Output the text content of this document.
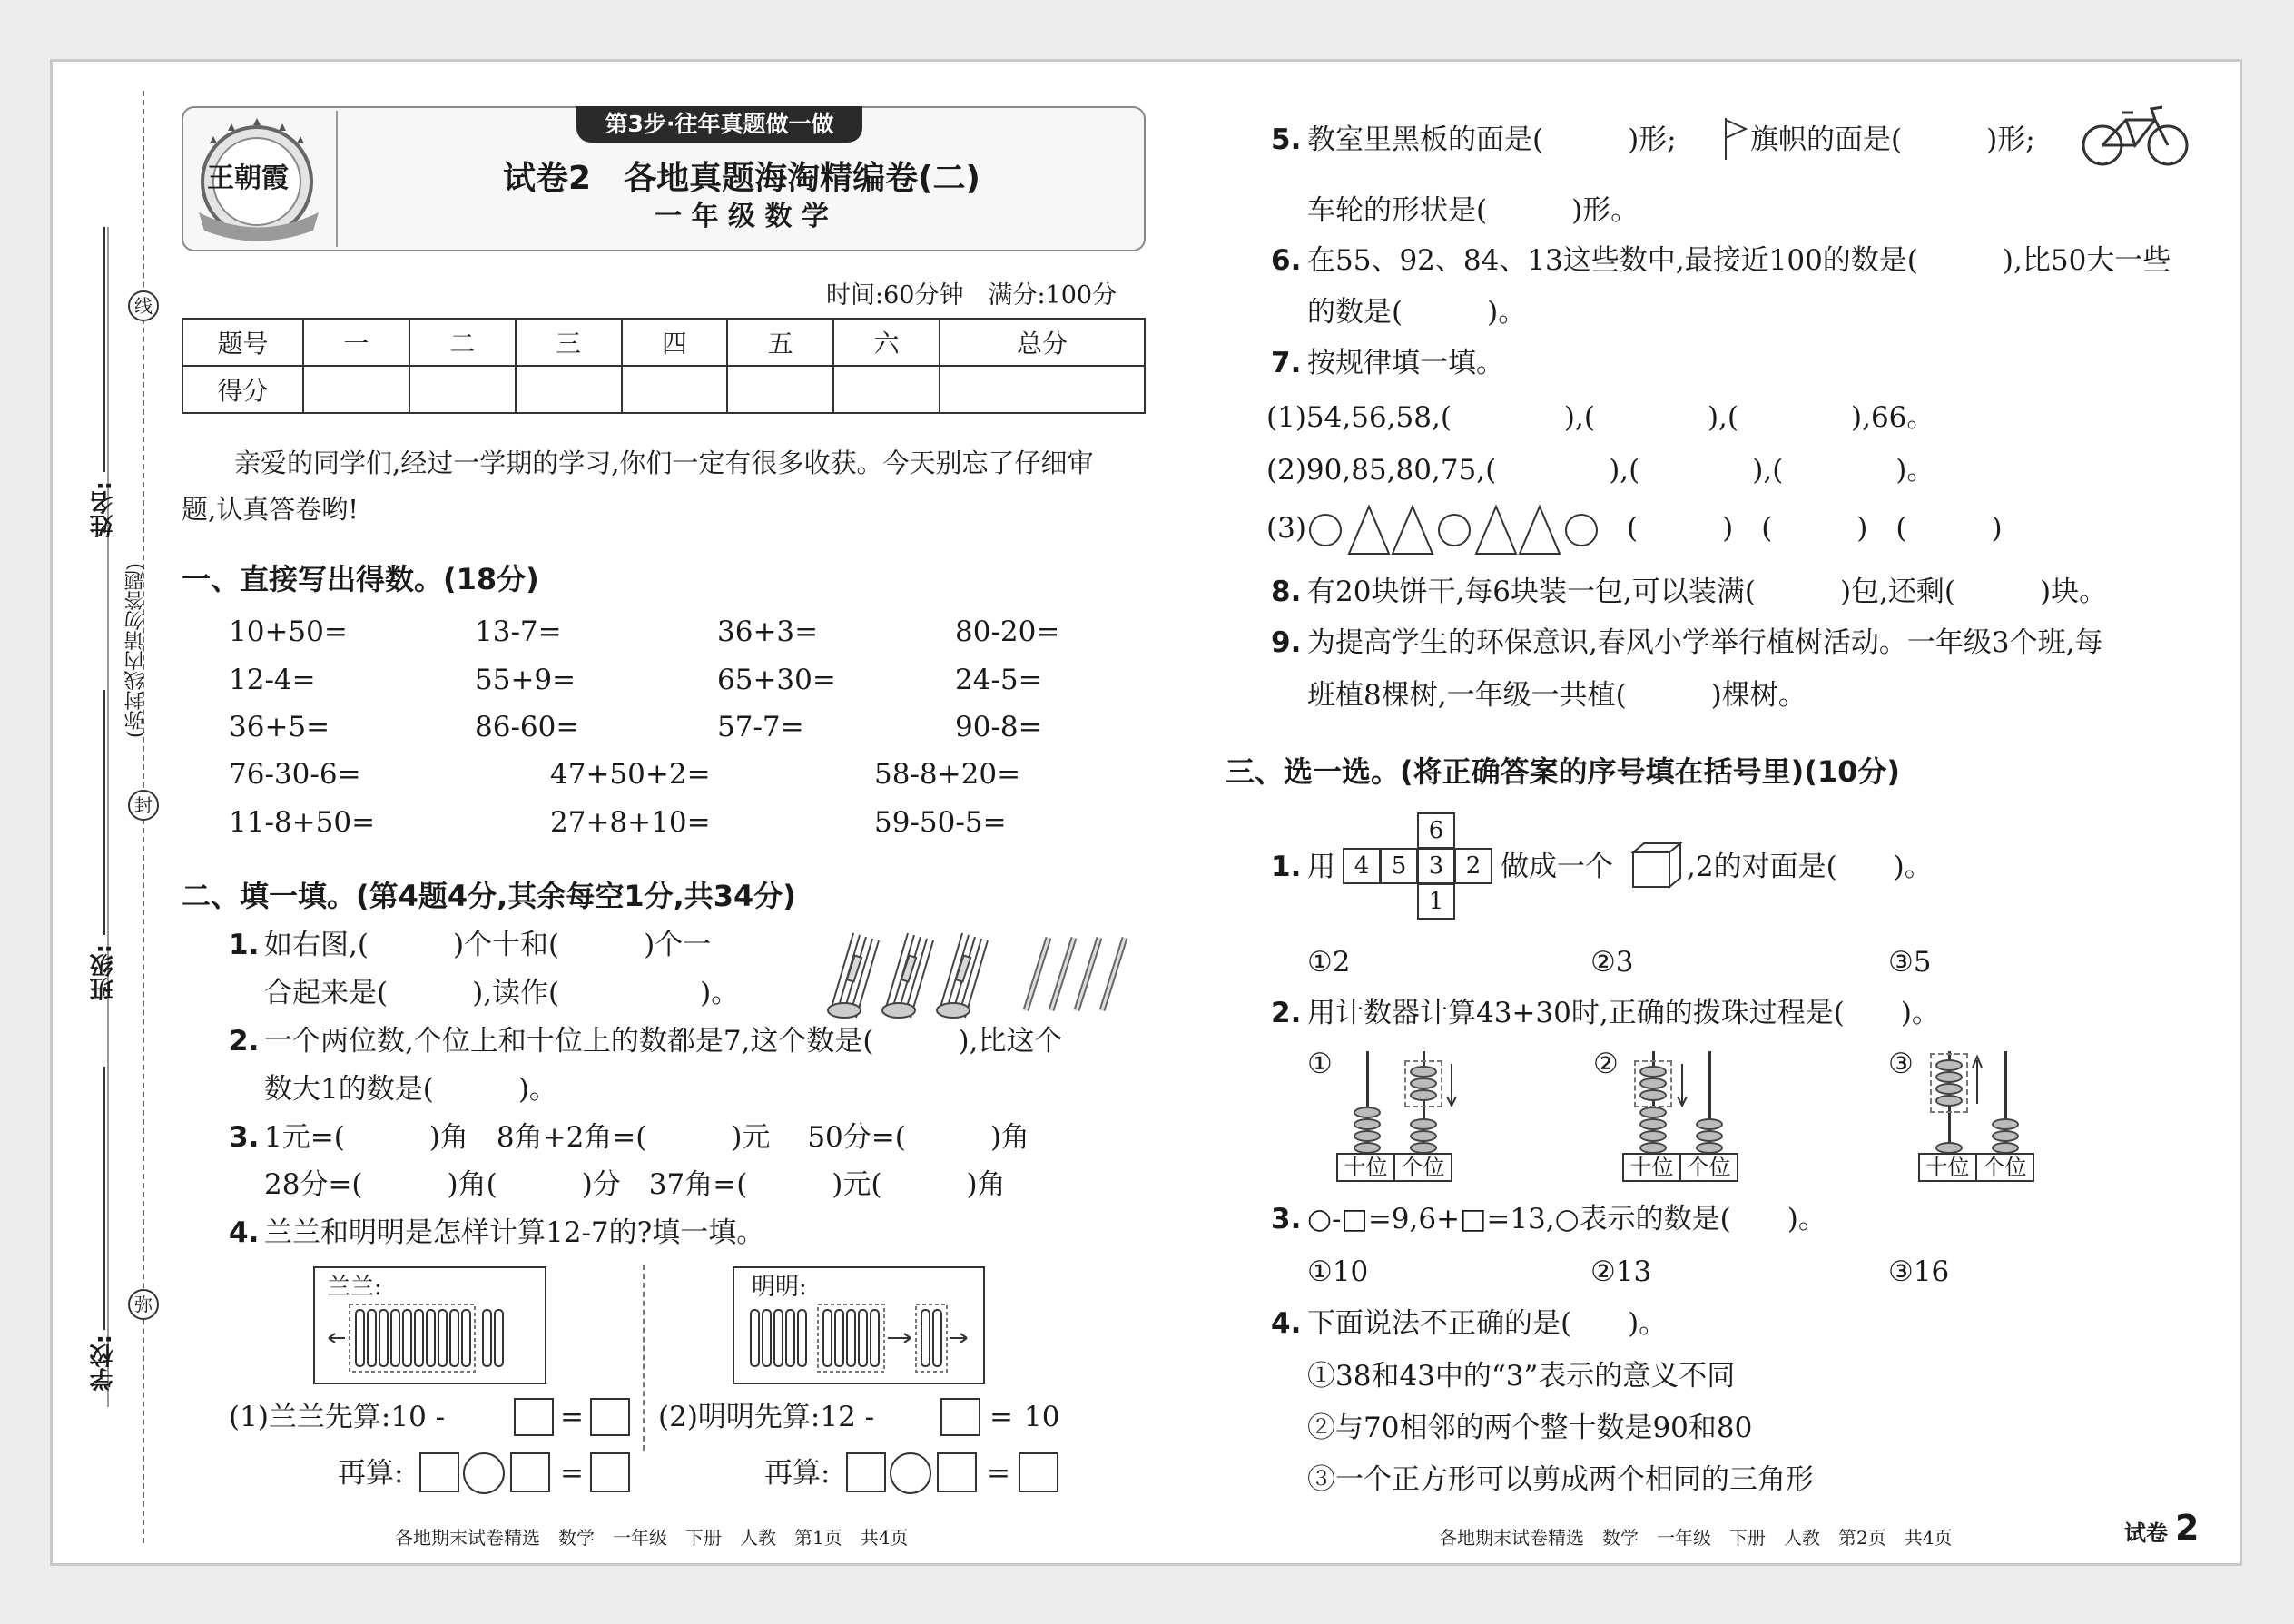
姓名:
班级:
学校:
线
封
弥
(弥封线内请勿答题)
第3步·往年真题做一做
王朝霞	试卷2　各地真题海淘精编卷(二)
一 年 级 数 学
时间:60分钟　满分:100分
题号	一	二	三	四	五	六	总分
得分							
亲爱的同学们,经过一学期的学习,你们一定有很多收获。今天别忘了仔细审
题,认真答卷哟!
一、直接写出得数。(18分)
10+50=	13-7=	36+3=	80-20=
12-4=	55+9=	65+30=	24-5=
36+5=	86-60=	57-7=	90-8=
76-30-6=	47+50+2=	58-8+20=
11-8+50=	27+8+10=	59-50-5=
二、填一填。(第4题4分,其余每空1分,共34分)
1. 如右图,(　　　)个十和(　　　)个一
合起来是(　　　),读作(　　　　　)。
2. 一个两位数,个位上和十位上的数都是7,这个数是(　　　),比这个
数大1的数是(　　　)。
3. 1元=(　　　)角　8角+2角=(　　　)元　 50分=(　　　)角
28分=(　　　)角(　　　)分　37角=(　　　)元(　　　)角
4. 兰兰和明明是怎样计算12-7的?填一填。
兰兰:	明明:
(1)兰兰先算:10 -	=
再算:	=
(2)明明先算:12 -	= 10
再算:	=
各地期末试卷精选　数学　一年级　下册　人教　第1页　共4页
5. 教室里黑板的面是(　　　)形;	旗帜的面是(　　　)形;
车轮的形状是(　　　)形。
6. 在55、92、84、13这些数中,最接近100的数是(　　　),比50大一些
的数是(　　　)。
7. 按规律填一填。
(1)54,56,58,(　　　　),(　　　　),(　　　　),66。
(2)90,85,80,75,(　　　　),(　　　　),(　　　　)。
(3)	(　　　)　(　　　)　(　　　)
8. 有20块饼干,每6块装一包,可以装满(　　　)包,还剩(　　　)块。
9. 为提高学生的环保意识,春风小学举行植树活动。一年级3个班,每
班植8棵树,一年级一共植(　　　)棵树。
三、选一选。(将正确答案的序号填在括号里)(10分)
1. 用
6
4 5 3 2
1
做成一个	,2的对面是(　　)。
①2	②3	③5
2. 用计数器计算43+30时,正确的拨珠过程是(　　)。
①
十位 个位
②
十位 个位
③
十位 个位
3. ○-□=9,6+□=13,○表示的数是(　　)。
①10	②13	③16
4. 下面说法不正确的是(　　)。
①38和43中的“3”表示的意义不同
②与70相邻的两个整十数是90和80
③一个正方形可以剪成两个相同的三角形
各地期末试卷精选　数学　一年级　下册　人教　第2页　共4页	试卷 2
